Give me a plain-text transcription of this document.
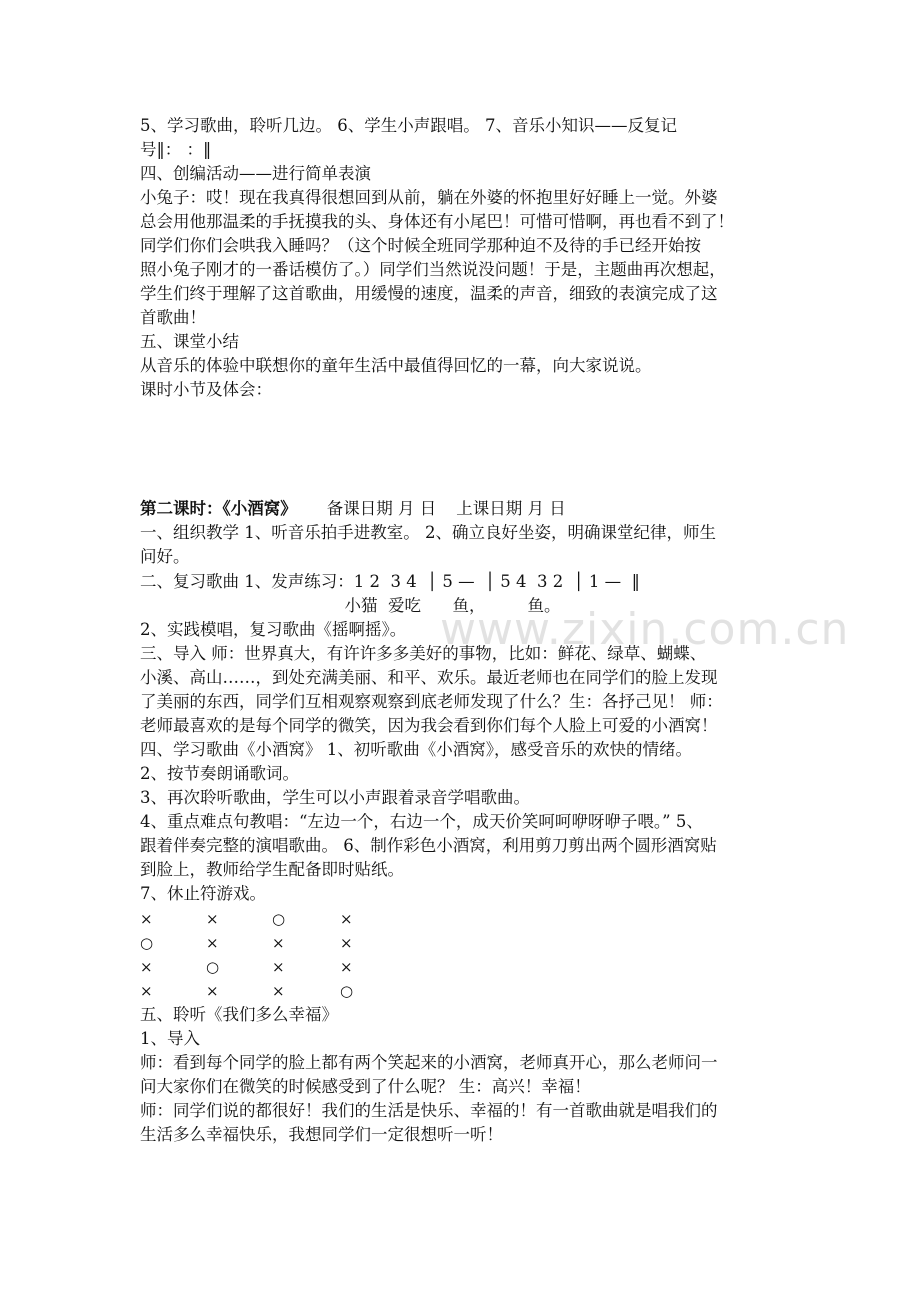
www.zixin.com.cn
5、学习歌曲，聆听几边。 6、学生小声跟唱。 7、音乐小知识——反复记
号‖： ：‖
四、创编活动——进行简单表演
小兔子：哎！现在我真得很想回到从前，躺在外婆的怀抱里好好睡上一觉。外婆
总会用他那温柔的手抚摸我的头、身体还有小尾巴！可惜可惜啊，再也看不到了！
同学们你们会哄我入睡吗？（这个时候全班同学那种迫不及待的手已经开始按
照小兔子刚才的一番话模仿了。）同学们当然说没问题！于是，主题曲再次想起，
学生们终于理解了这首歌曲，用缓慢的速度，温柔的声音，细致的表演完成了这
首歌曲！
五、课堂小结
从音乐的体验中联想你的童年生活中最值得回忆的一幕，向大家说说。
课时小节及体会：
第二课时：《小酒窝》 备课日期 月 日 上课日期 月 日
一、组织教学 1、听音乐拍手进教室。 2、确立良好坐姿，明确课堂纪律，师生
问好。
二、复习歌曲 1、发声练习：1 2  3 4  │ 5 —  │ 5 4  3 2  │ 1 —  ‖
小猫  爱吃      鱼，        鱼。
2、实践模唱，复习歌曲《摇啊摇》。
三、导入 师：世界真大，有许许多多美好的事物，比如：鲜花、绿草、蝴蝶、
小溪、高山……，到处充满美丽、和平、欢乐。最近老师也在同学们的脸上发现
了美丽的东西，同学们互相观察观察到底老师发现了什么？生：各抒己见！ 师：
老师最喜欢的是每个同学的微笑，因为我会看到你们每个人脸上可爱的小酒窝！
四、学习歌曲《小酒窝》 1、初听歌曲《小酒窝》，感受音乐的欢快的情绪。
2、按节奏朗诵歌词。
3、再次聆听歌曲，学生可以小声跟着录音学唱歌曲。
4、重点难点句教唱：“左边一个，右边一个，成天价笑呵呵咿呀咿子喂。” 5、
跟着伴奏完整的演唱歌曲。 6、制作彩色小酒窝，利用剪刀剪出两个圆形酒窝贴
到脸上，教师给学生配备即时贴纸。
7、休止符游戏。
×	×	○	×
○	×	×	×
×	○	×	×
×	×	×	○
五、聆听《我们多么幸福》
1、导入
师：看到每个同学的脸上都有两个笑起来的小酒窝，老师真开心，那么老师问一
问大家你们在微笑的时候感受到了什么呢？ 生：高兴！幸福！
师：同学们说的都很好！我们的生活是快乐、幸福的！有一首歌曲就是唱我们的
生活多么幸福快乐，我想同学们一定很想听一听！
